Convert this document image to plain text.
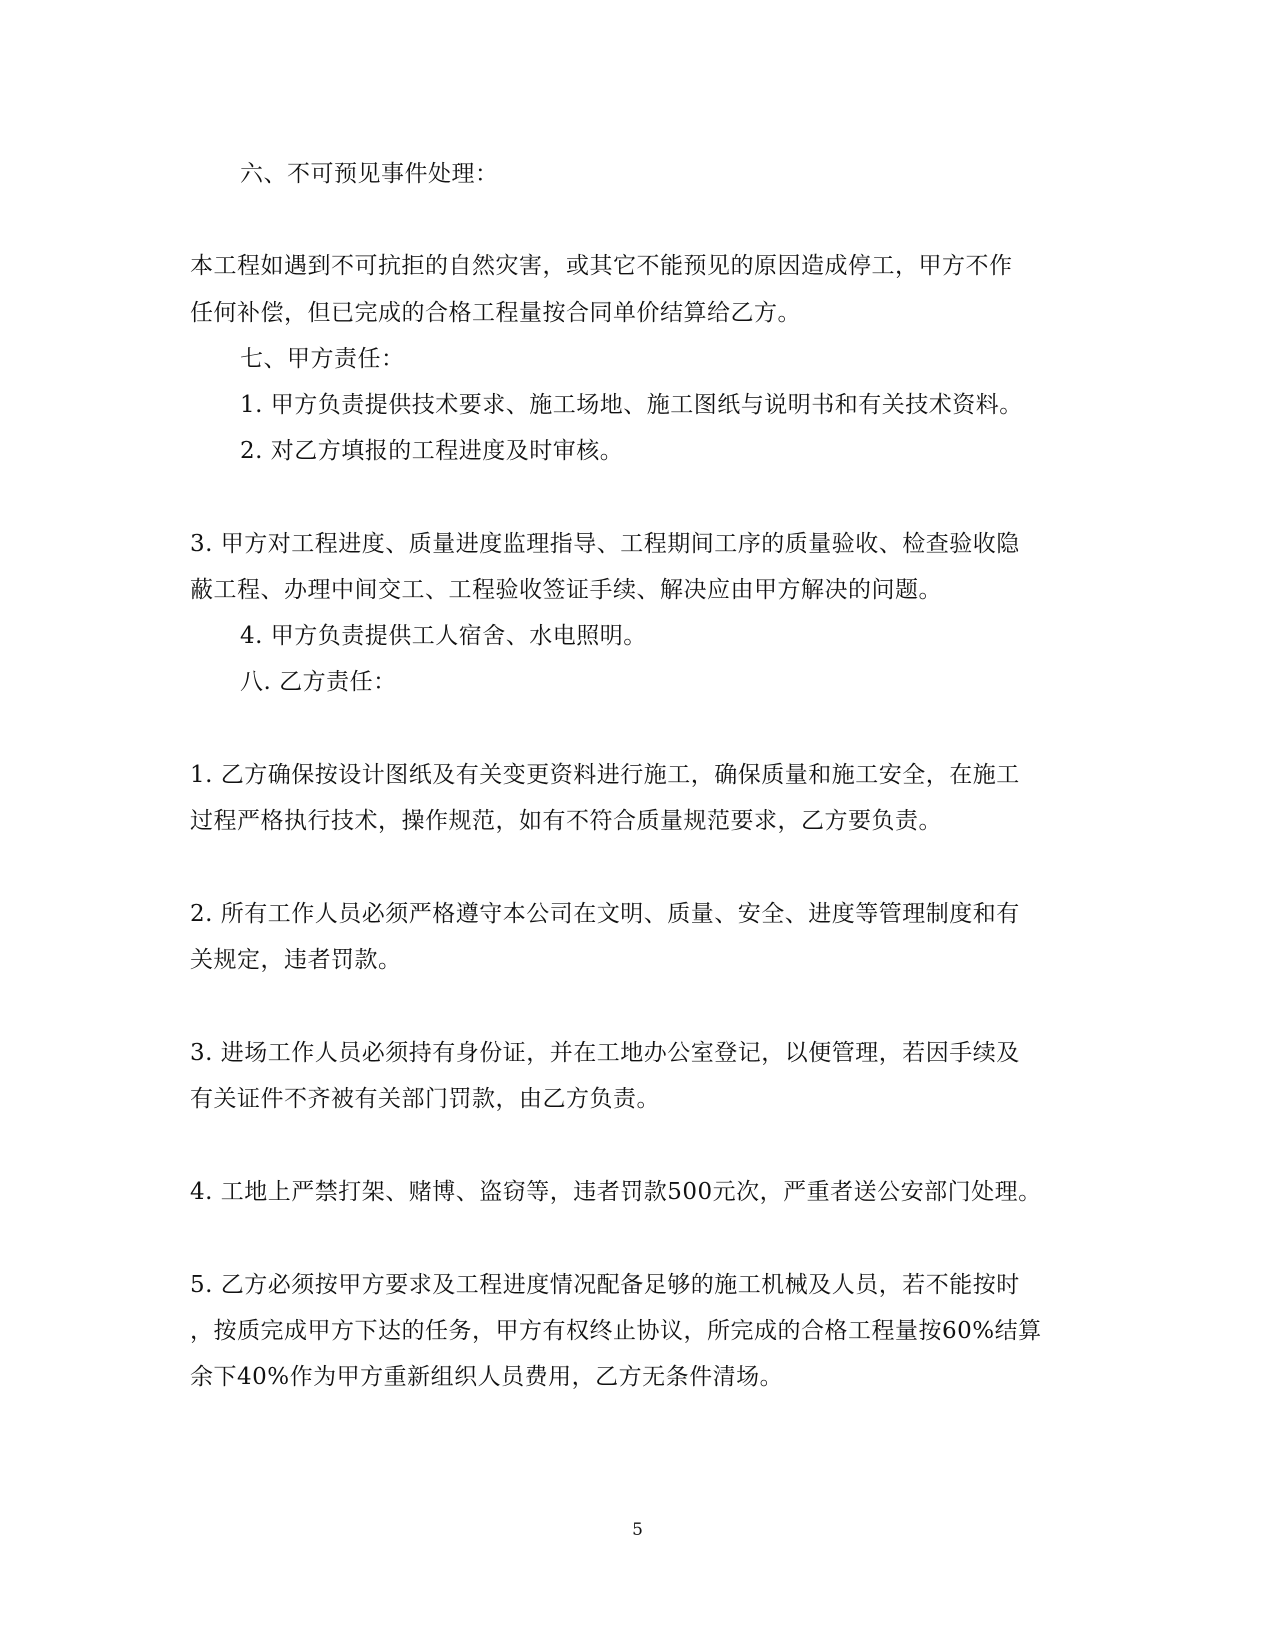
六、不可预见事件处理：
本工程如遇到不可抗拒的自然灾害，或其它不能预见的原因造成停工，甲方不作
任何补偿，但已完成的合格工程量按合同单价结算给乙方。
七、甲方责任：
1. 甲方负责提供技术要求、施工场地、施工图纸与说明书和有关技术资料。
2. 对乙方填报的工程进度及时审核。
3. 甲方对工程进度、质量进度监理指导、工程期间工序的质量验收、检查验收隐
蔽工程、办理中间交工、工程验收签证手续、解决应由甲方解决的问题。
4. 甲方负责提供工人宿舍、水电照明。
八. 乙方责任：
1. 乙方确保按设计图纸及有关变更资料进行施工，确保质量和施工安全，在施工
过程严格执行技术，操作规范，如有不符合质量规范要求，乙方要负责。
2. 所有工作人员必须严格遵守本公司在文明、质量、安全、进度等管理制度和有
关规定，违者罚款。
3. 进场工作人员必须持有身份证，并在工地办公室登记，以便管理，若因手续及
有关证件不齐被有关部门罚款，由乙方负责。
4. 工地上严禁打架、赌博、盗窃等，违者罚款500元次，严重者送公安部门处理。
5. 乙方必须按甲方要求及工程进度情况配备足够的施工机械及人员，若不能按时
，按质完成甲方下达的任务，甲方有权终止协议，所完成的合格工程量按60%结算
余下40%作为甲方重新组织人员费用，乙方无条件清场。
5
